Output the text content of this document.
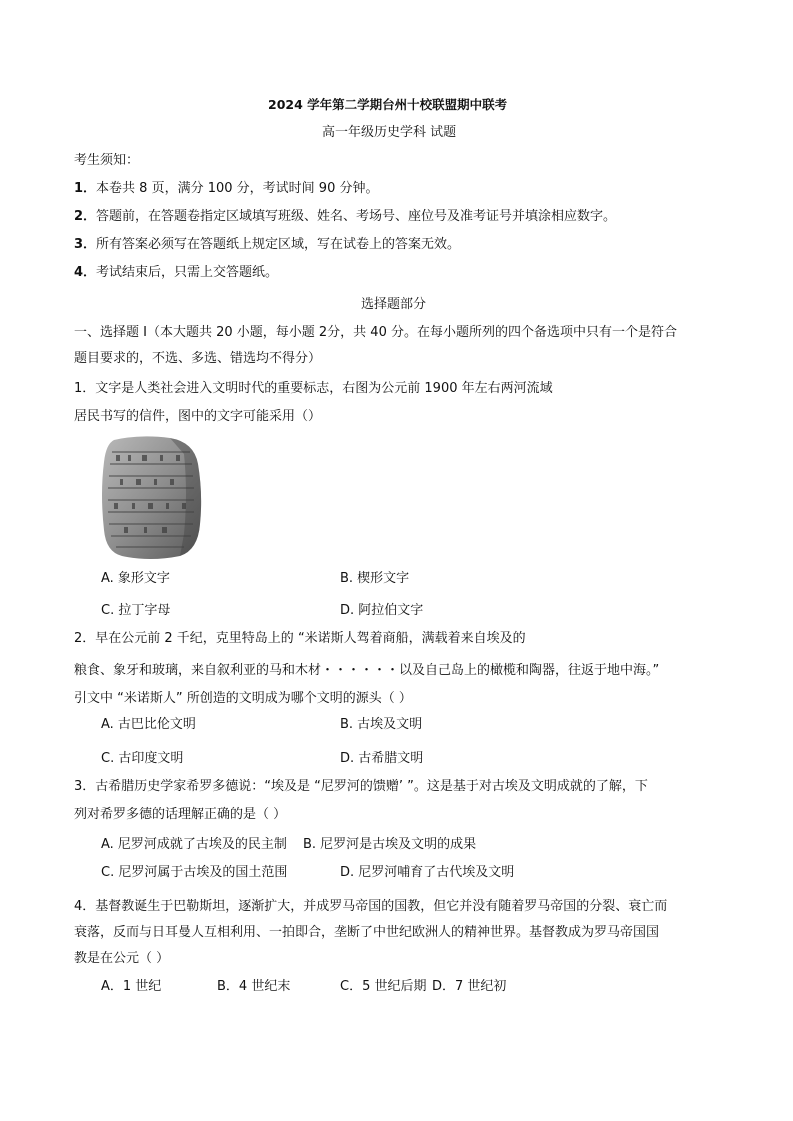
2024 学年第二学期台州十校联盟期中联考
高一年级历史学科 试题
考生须知：
1．本卷共 8 页，满分 100 分，考试时间 90 分钟。
2．答题前，在答题卷指定区域填写班级、姓名、考场号、座位号及准考证号并填涂相应数字。
3．所有答案必须写在答题纸上规定区域，写在试卷上的答案无效。
4．考试结束后，只需上交答题纸。
选择题部分
一、选择题 I（本大题共 20 小题，每小题 2分，共 40 分。在每小题所列的四个备选项中只有一个是符合
题目要求的，不选、多选、错选均不得分）
1．文字是人类社会进入文明时代的重要标志，右图为公元前 1900 年左右两河流域
居民书写的信件，图中的文字可能采用（）
A. 象形文字	B. 楔形文字
C. 拉丁字母	D. 阿拉伯文字
2．早在公元前 2 千纪，克里特岛上的 “米诺斯人驾着商船，满载着来自埃及的
粮食、象牙和玻璃，来自叙利亚的马和木材・・・・・・以及自己岛上的橄榄和陶器，往返于地中海。”
引文中 “米诺斯人” 所创造的文明成为哪个文明的源头（ ）
A. 古巴比伦文明	B. 古埃及文明
C. 古印度文明	D. 古希腊文明
3．古希腊历史学家希罗多德说：“埃及是 “尼罗河的馈赠’ ”。这是基于对古埃及文明成就的了解，下
列对希罗多德的话理解正确的是（ ）
A. 尼罗河成就了古埃及的民主制 B. 尼罗河是古埃及文明的成果
C. 尼罗河属于古埃及的国土范围	D. 尼罗河哺育了古代埃及文明
4．基督教诞生于巴勒斯坦，逐渐扩大，并成罗马帝国的国教，但它并没有随着罗马帝国的分裂、衰亡而
衰落，反而与日耳曼人互相利用、一拍即合，垄断了中世纪欧洲人的精神世界。基督教成为罗马帝国国
教是在公元（ ）
A．1 世纪	B．4 世纪末	C．5 世纪后期 D．7 世纪初
